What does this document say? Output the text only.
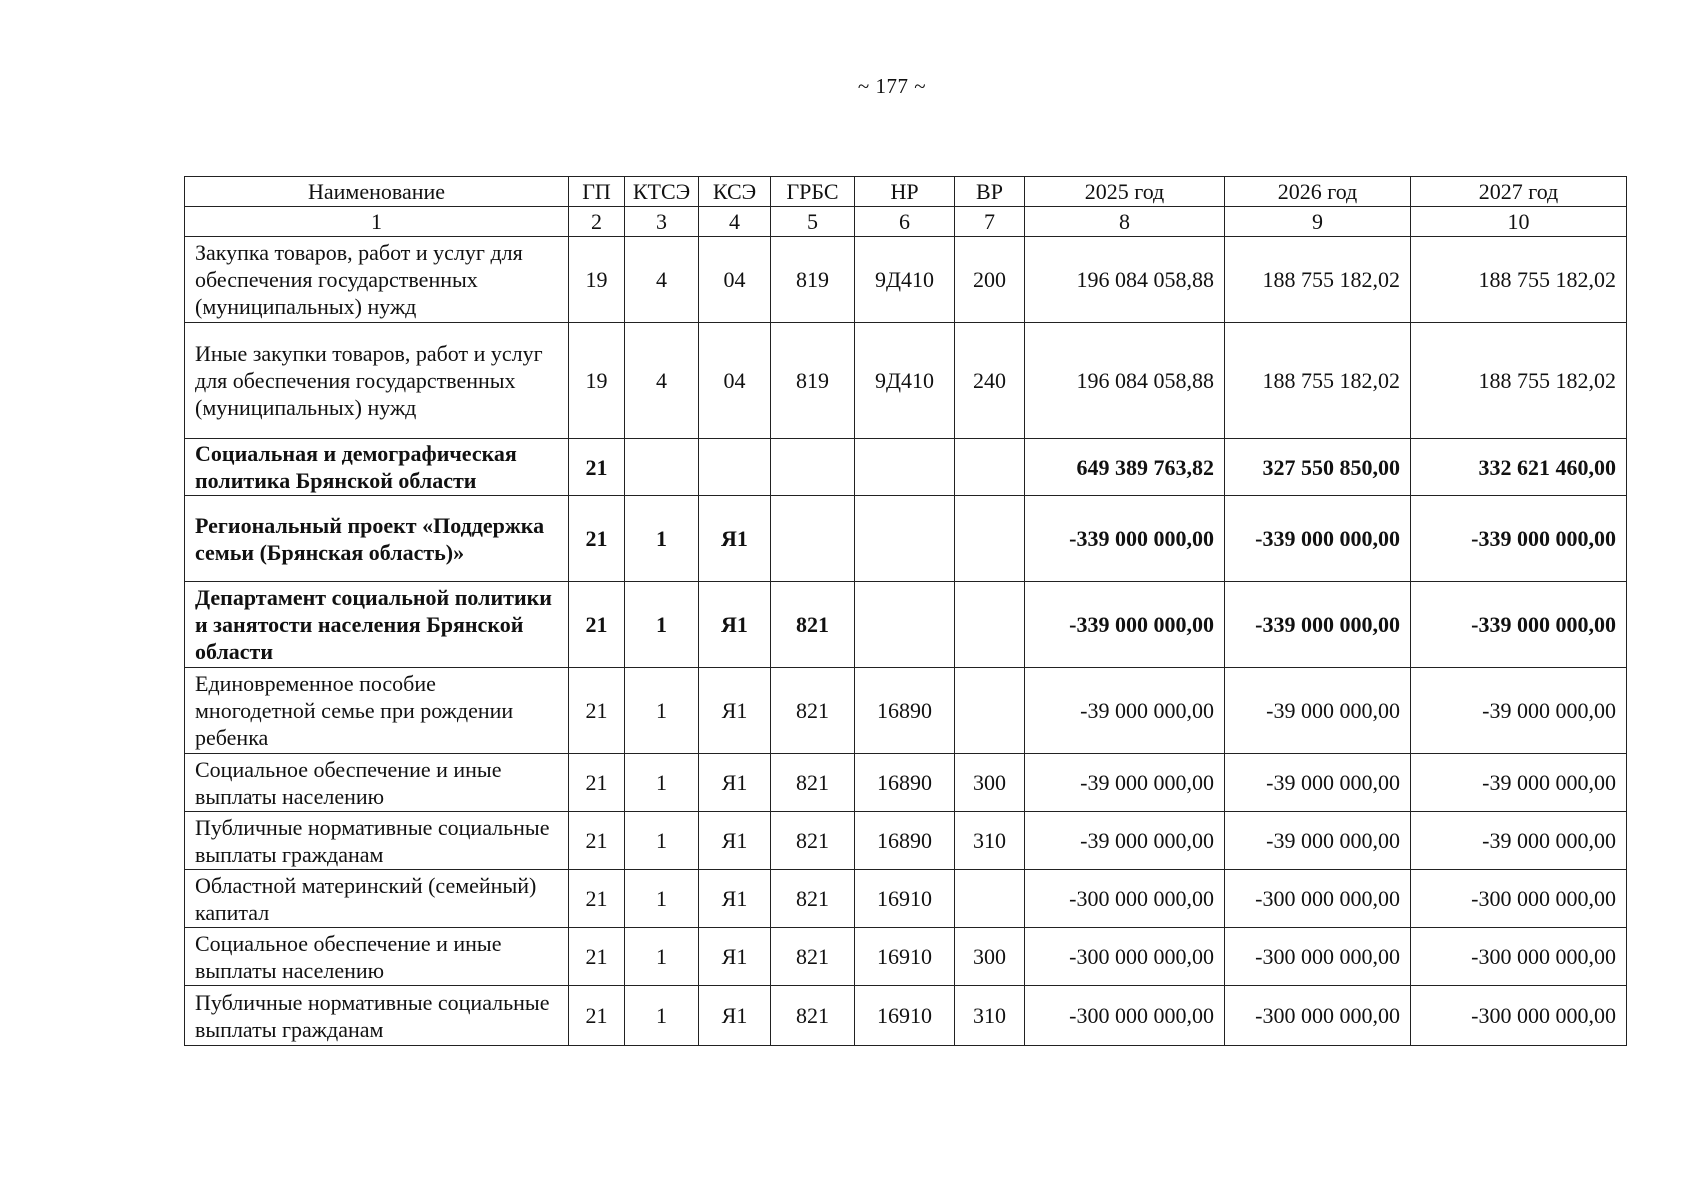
~ 177 ~
Наименование	ГП	КТСЭ	КСЭ	ГРБС	НР	ВР	2025 год	2026 год	2027 год
1	2	3	4	5	6	7	8	9	10
Закупка товаров, работ и услуг для обеспечения государственных (муниципальных) нужд	19	4	04	819	9Д410	200	196 084 058,88	188 755 182,02	188 755 182,02
Иные закупки товаров, работ и услуг для обеспечения государственных (муниципальных) нужд	19	4	04	819	9Д410	240	196 084 058,88	188 755 182,02	188 755 182,02
Социальная и демографическая политика Брянской области	21						649 389 763,82	327 550 850,00	332 621 460,00
Региональный проект «Поддержка семьи (Брянская область)»	21	1	Я1				-339 000 000,00	-339 000 000,00	-339 000 000,00
Департамент социальной политики и занятости населения Брянской области	21	1	Я1	821			-339 000 000,00	-339 000 000,00	-339 000 000,00
Единовременное пособие многодетной семье при рождении ребенка	21	1	Я1	821	16890		-39 000 000,00	-39 000 000,00	-39 000 000,00
Социальное обеспечение и иные выплаты населению	21	1	Я1	821	16890	300	-39 000 000,00	-39 000 000,00	-39 000 000,00
Публичные нормативные социальные выплаты гражданам	21	1	Я1	821	16890	310	-39 000 000,00	-39 000 000,00	-39 000 000,00
Областной материнский (семейный) капитал	21	1	Я1	821	16910		-300 000 000,00	-300 000 000,00	-300 000 000,00
Социальное обеспечение и иные выплаты населению	21	1	Я1	821	16910	300	-300 000 000,00	-300 000 000,00	-300 000 000,00
Публичные нормативные социальные выплаты гражданам	21	1	Я1	821	16910	310	-300 000 000,00	-300 000 000,00	-300 000 000,00
